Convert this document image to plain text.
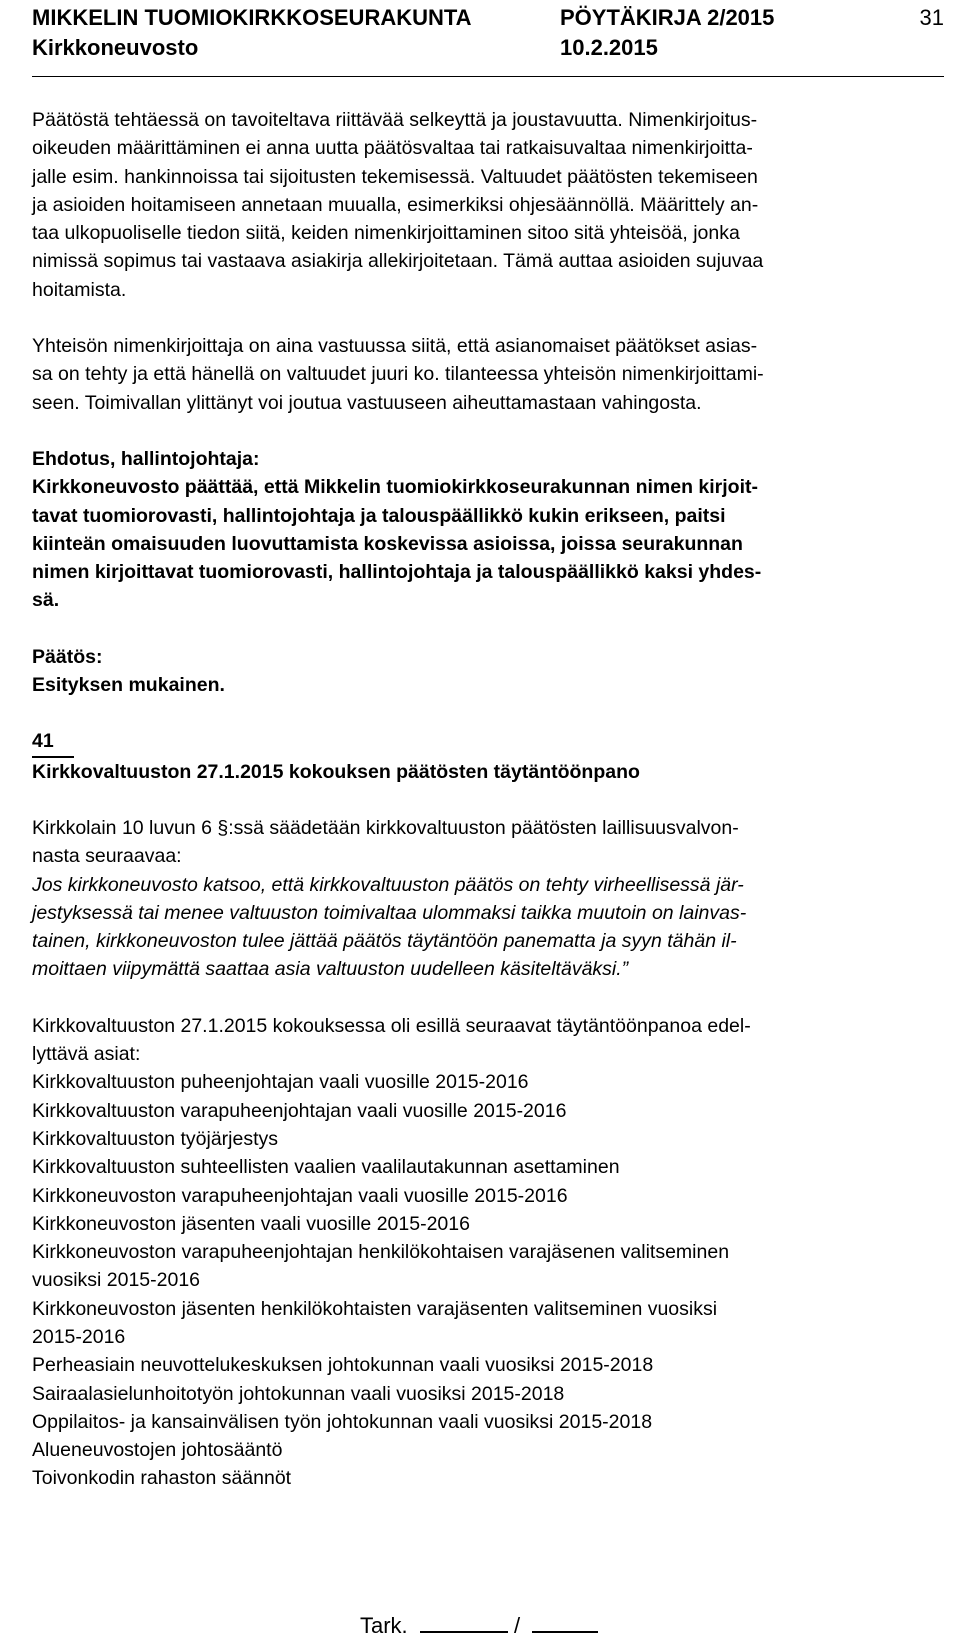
MIKKELIN TUOMIOKIRKKOSEURAKUNTA	PÖYTÄKIRJA 2/2015	31
Kirkkoneuvosto	10.2.2015

Päätöstä tehtäessä on tavoiteltava riittävää selkeyttä ja joustavuutta. Nimenkirjoitus-
oikeuden määrittäminen ei anna uutta päätösvaltaa tai ratkaisuvaltaa nimenkirjoitta-
jalle esim. hankinnoissa tai sijoitusten tekemisessä. Valtuudet päätösten tekemiseen
ja asioiden hoitamiseen annetaan muualla, esimerkiksi ohjesäännöllä. Määrittely an-
taa ulkopuoliselle tiedon siitä, keiden nimenkirjoittaminen sitoo sitä yhteisöä, jonka
nimissä sopimus tai vastaava asiakirja allekirjoitetaan. Tämä auttaa asioiden sujuvaa
hoitamista.

Yhteisön nimenkirjoittaja on aina vastuussa siitä, että asianomaiset päätökset asias-
sa on tehty ja että hänellä on valtuudet juuri ko. tilanteessa yhteisön nimenkirjoittami-
seen. Toimivallan ylittänyt voi joutua vastuuseen aiheuttamastaan vahingosta.

Ehdotus, hallintojohtaja:
Kirkkoneuvosto päättää, että Mikkelin tuomiokirkkoseurakunnan nimen kirjoit-
tavat tuomiorovasti, hallintojohtaja ja talouspäällikkö kukin erikseen, paitsi
kiinteän omaisuuden luovuttamista koskevissa asioissa, joissa seurakunnan
nimen kirjoittavat tuomiorovasti, hallintojohtaja ja talouspäällikkö kaksi yhdes-
sä.

Päätös:
Esityksen mukainen.

41
Kirkkovaltuuston 27.1.2015 kokouksen päätösten täytäntöönpano

Kirkkolain 10 luvun 6 §:ssä säädetään kirkkovaltuuston päätösten laillisuusvalvon-
nasta seuraavaa:
Jos kirkkoneuvosto katsoo, että kirkkovaltuuston päätös on tehty virheellisessä jär-
jestyksessä tai menee valtuuston toimivaltaa ulommaksi taikka muutoin on lainvas-
tainen, kirkkoneuvoston tulee jättää päätös täytäntöön panematta ja syyn tähän il-
moittaen viipymättä saattaa asia valtuuston uudelleen käsiteltäväksi.”

Kirkkovaltuuston 27.1.2015 kokouksessa oli esillä seuraavat täytäntöönpanoa edel-
lyttävä asiat:
Kirkkovaltuuston puheenjohtajan vaali vuosille 2015-2016
Kirkkovaltuuston varapuheenjohtajan vaali vuosille 2015-2016
Kirkkovaltuuston työjärjestys
Kirkkovaltuuston suhteellisten vaalien vaalilautakunnan asettaminen
Kirkkoneuvoston varapuheenjohtajan vaali vuosille 2015-2016
Kirkkoneuvoston jäsenten vaali vuosille 2015-2016
Kirkkoneuvoston varapuheenjohtajan henkilökohtaisen varajäsenen valitseminen
vuosiksi 2015-2016
Kirkkoneuvoston jäsenten henkilökohtaisten varajäsenten valitseminen vuosiksi
2015-2016
Perheasiain neuvottelukeskuksen johtokunnan vaali vuosiksi 2015-2018
Sairaalasielunhoitotyön johtokunnan vaali vuosiksi 2015-2018
Oppilaitos- ja kansainvälisen työn johtokunnan vaali vuosiksi 2015-2018
Alueneuvostojen johtosääntö
Toivonkodin rahaston säännöt

Tark.	/
